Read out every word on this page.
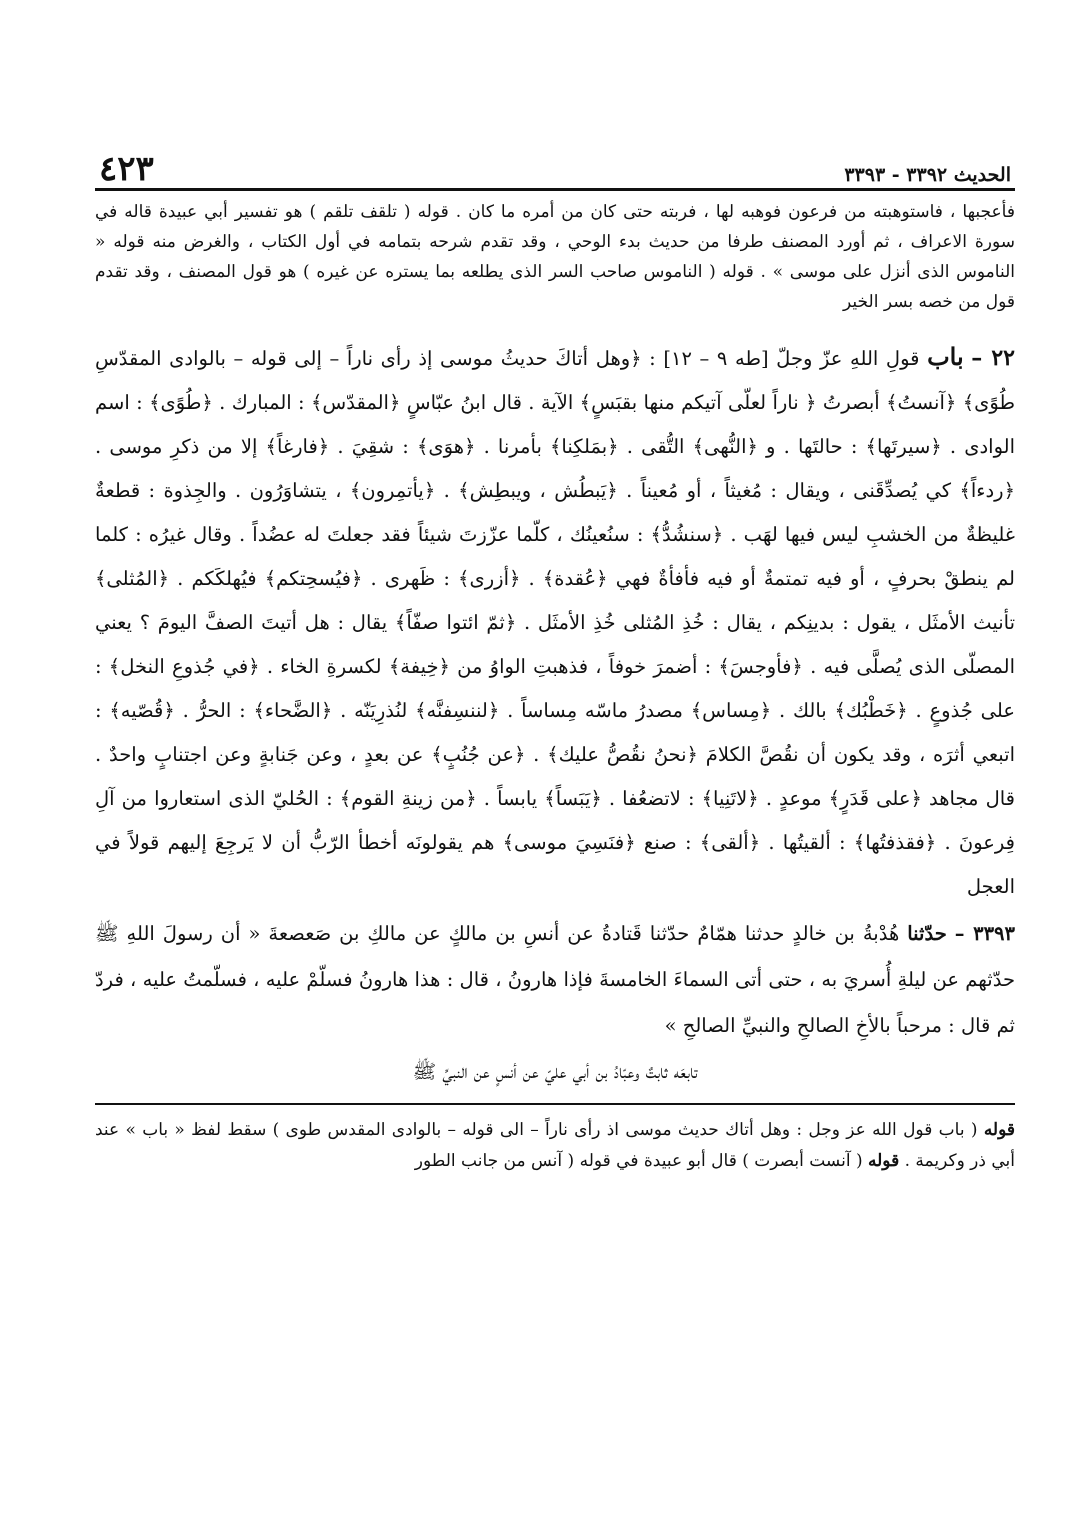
الحديث ٣٣٩٢ - ٣٣٩٣
٤٢٣

فأعجبها ، فاستوهبته من فرعون فوهبه لها ، فربته حتى كان من أمره ما كان . قوله ( تلقف تلقم ) هو تفسير أبي عبيدة قاله في سورة الاعراف ، ثم أورد المصنف طرفا من حديث بدء الوحي ، وقد تقدم شرحه بتمامه في أول الكتاب ، والغرض منه قوله « الناموس الذى أنزل على موسى » . قوله ( الناموس صاحب السر الذى يطلعه بما يستره عن غيره ) هو قول المصنف ، وقد تقدم قول من خصه بسر الخير

٢٢ – باب قولِ اللهِ عزّ وجلّ [طه ٩ – ١٢] : ﴿وهل أتاكَ حديثُ موسى إذ رأى ناراً – إلى قوله – بالوادى المقدّسِ طُوًى﴾ ﴿آنستُ﴾ أبصرتُ ﴿ ناراً لعلّى آتيكم منها بقبَسٍ﴾ الآية . قال ابنُ عبّاسٍ ﴿المقدّس﴾ : المبارك . ﴿طُوًى﴾ : اسم الوادى . ﴿سيرتَها﴾ : حالتَها . و ﴿النُّهى﴾ التُّقى . ﴿بمَلكِنا﴾ بأمرنا . ﴿هوَى﴾ : شقِيَ . ﴿فارغاً﴾ إلا من ذكرِ موسى . ﴿ردءاً﴾ كي يُصدِّقَنى ، ويقال : مُغيثاً ، أو مُعيناً . ﴿يَبطُش ، ويبطِش﴾ . ﴿يأتمِرون﴾ ، يتشاوَرُون . والجِذوة : قطعةٌ غليظةٌ من الخشبِ ليس فيها لهَب . ﴿سنشُدُّ﴾ : سنُعينُك ، كلّما عزّزتَ شيئاً فقد جعلتَ له عضُداً . وقال غيرُه : كلما لم ينطقْ بحرفٍ ، أو فيه تمتمةٌ أو فيه فأفأةٌ فهي ﴿عُقدة﴾ . ﴿أزرى﴾ : ظَهرى . ﴿فيُسحِتكم﴾ فيُهلكَكم . ﴿المُثلى﴾ تأنيث الأمثَل ، يقول : بدينِكم ، يقال : خُذِ المُثلى خُذِ الأمثَل . ﴿ثمّ ائتوا صفّاً﴾ يقال : هل أتيتَ الصفَّ اليومَ ؟ يعني المصلّى الذى يُصلَّى فيه . ﴿فأوجسَ﴾ : أضمرَ خوفاً ، فذهبتِ الواوُ من ﴿خِيفة﴾ لكسرةِ الخاء . ﴿في جُذوعِ النخل﴾ : على جُذوعٍ . ﴿خَطْبُك﴾ بالك . ﴿مِساس﴾ مصدرُ ماسّه مِساساً . ﴿لننسِفنَّه﴾ لنُذرِيَنّه . ﴿الضَّحاء﴾ : الحرُّ . ﴿قُصّيه﴾ : اتبعي أثرَه ، وقد يكون أن نقُصَّ الكلامَ ﴿نحنُ نقُصُّ عليك﴾ . ﴿عن جُنُبٍ﴾ عن بعدٍ ، وعن جَنابةٍ وعن اجتنابٍ واحدٌ . قال مجاهد ﴿على قَدَرٍ﴾ موعدٍ . ﴿لاتَنِيا﴾ : لاتضعُفا . ﴿يَبَساً﴾ يابساً . ﴿من زينةِ القوم﴾ : الحُليّ الذى استعاروا من آلِ فِرعونَ . ﴿فقذفتُها﴾ : ألقيتُها . ﴿ألقى﴾ : صنع ﴿فنَسِيَ موسى﴾ هم يقولونَه أخطأ الرّبُّ أن لا يَرجِعَ إليهم قولاً في العجل

٣٣٩٣ – حدّثنا هُدْبةُ بن خالدٍ حدثنا همّامٌ حدّثنا قَتادةُ عن أنسِ بن مالكٍ عن مالكِ بن صَعصعةَ « أن رسولَ اللهِ ﷺ حدّثهم عن ليلةِ أُسريَ به ، حتى أتى السماءَ الخامسةَ فإذا هارونُ ، قال : هذا هارونُ فسلّمْ عليه ، فسلّمتُ عليه ، فردّ ثم قال : مرحباً بالأخِ الصالحِ والنبيِّ الصالحِ »

تابعَه ثابتٌ وعبّادُ بن أبي عليّ عن أنسٍ عن النبيِّ ﷺ

قوله ( باب قول الله عز وجل : وهل أتاك حديث موسى اذ رأى ناراً – الى قوله – بالوادى المقدس طوى ) سقط لفظ « باب » عند أبي ذر وكريمة . قوله ( آنست أبصرت ) قال أبو عبيدة في قوله ( آنس من جانب الطور
